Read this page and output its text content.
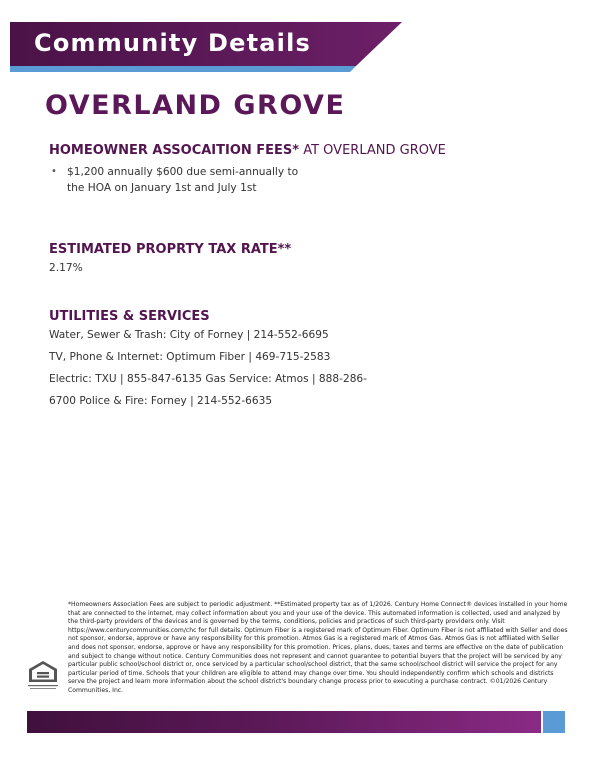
Community Details
OVERLAND GROVE
HOMEOWNER ASSOCAITION FEES* AT OVERLAND GROVE
• $1,200 annually $600 due semi-annually to
the HOA on January 1st and July 1st
ESTIMATED PROPRTY TAX RATE**
2.17%
UTILITIES & SERVICES
Water, Sewer & Trash: City of Forney | 214-552-6695
TV, Phone & Internet: Optimum Fiber | 469-715-2583
Electric: TXU | 855-847-6135 Gas Service: Atmos | 888-286-
6700 Police & Fire: Forney | 214-552-6635
*Homeowners Association Fees are subject to periodic adjustment. **Estimated property tax as of 1/2026. Century Home Connect® devices installed in your home that are connected to the internet, may collect information about you and your use of the device. This automated information is collected, used and analyzed by the third-party providers of the devices and is governed by the terms, conditions, policies and practices of such third-party providers only. Visit https://www.centurycommunities.com/chc for full details. Optimum Fiber is a registered mark of Optimum Fiber. Optimum Fiber is not affiliated with Seller and does not sponsor, endorse, approve or have any responsibility for this promotion. Atmos Gas is a registered mark of Atmos Gas. Atmos Gas is not affiliated with Seller and does not sponsor, endorse, approve or have any responsibility for this promotion. Prices, plans, dues, taxes and terms are effective on the date of publication and subject to change without notice. Century Communities does not represent and cannot guarantee to potential buyers that the project will be serviced by any particular public school/school district or, once serviced by a particular school/school district, that the same school/school district will service the project for any particular period of time. Schools that your children are eligible to attend may change over time. You should independently confirm which schools and districts serve the project and learn more information about the school district's boundary change process prior to executing a purchase contract. ©01/2026 Century Communities, Inc.
